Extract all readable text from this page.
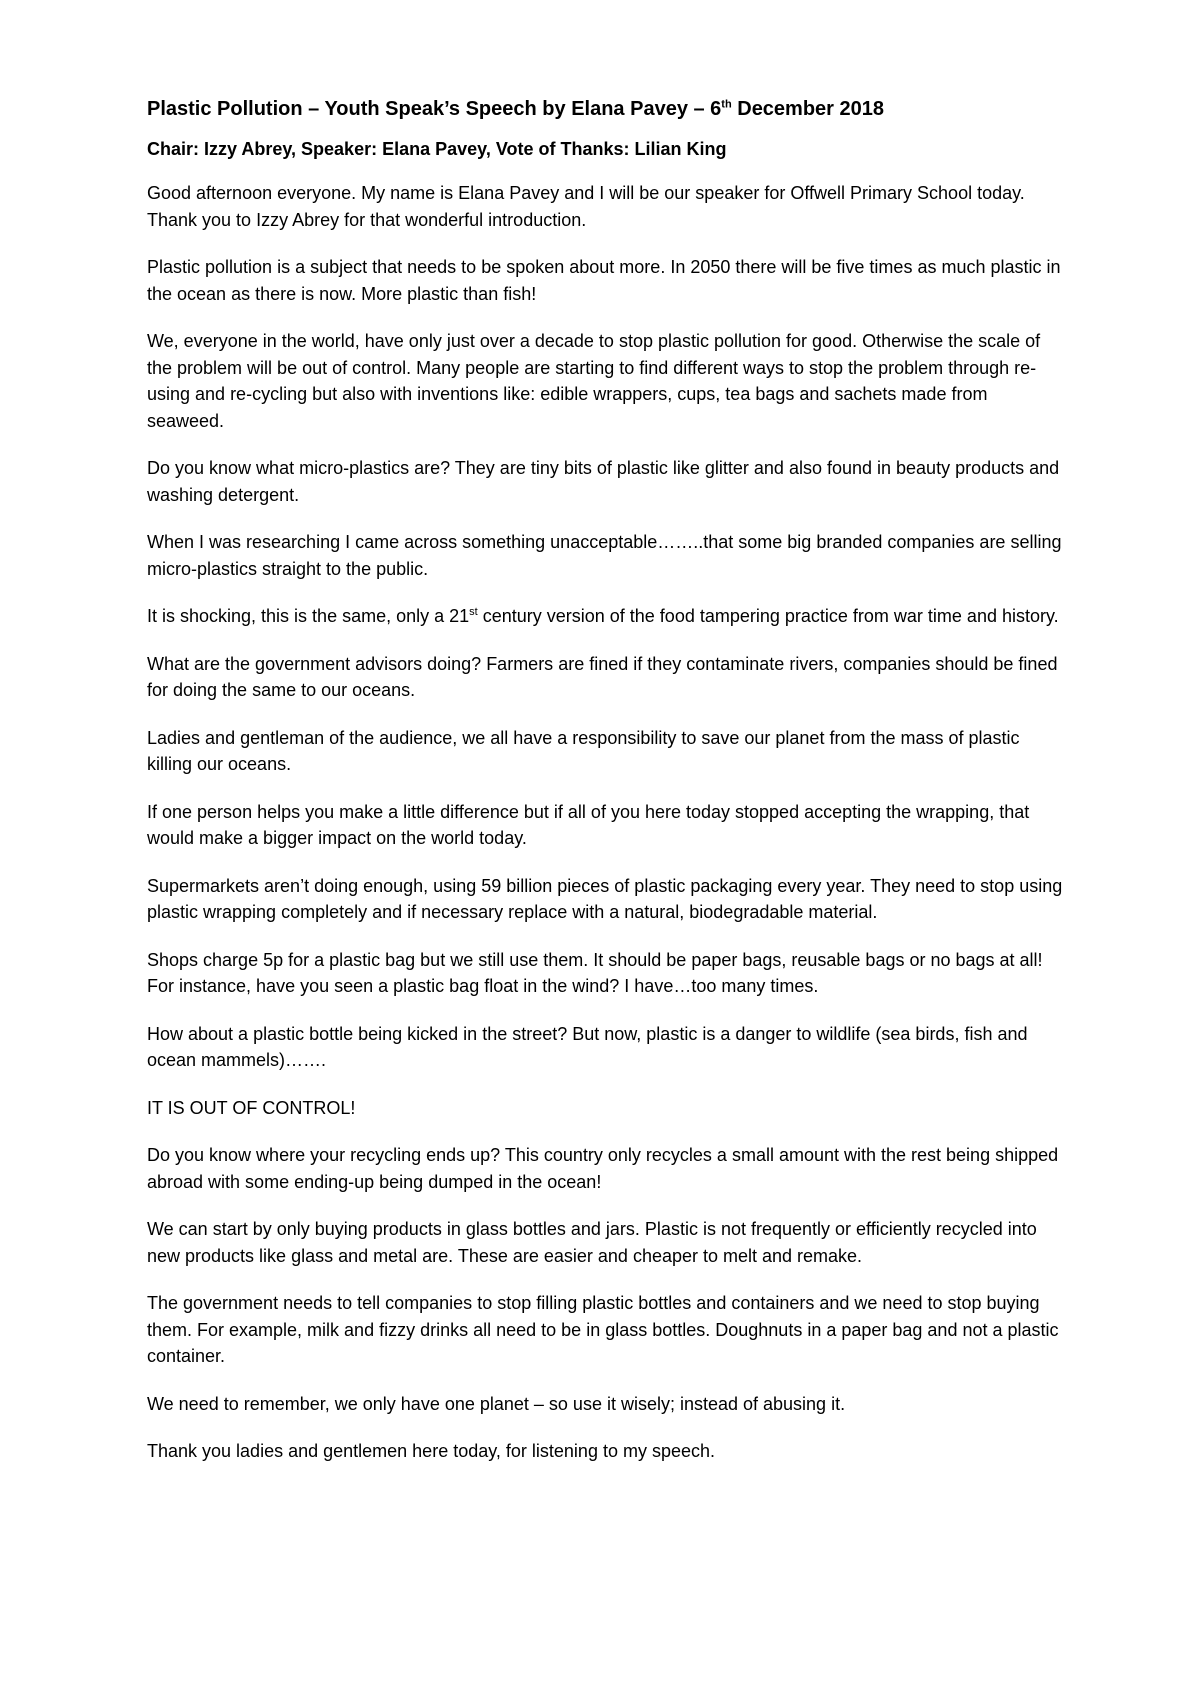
Plastic Pollution – Youth Speak’s Speech by Elana Pavey – 6th December 2018
Chair: Izzy Abrey, Speaker: Elana Pavey, Vote of Thanks: Lilian King

Good afternoon everyone. My name is Elana Pavey and I will be our speaker for Offwell Primary School today. Thank you to Izzy Abrey for that wonderful introduction.

Plastic pollution is a subject that needs to be spoken about more. In 2050 there will be five times as much plastic in the ocean as there is now. More plastic than fish!

We, everyone in the world, have only just over a decade to stop plastic pollution for good. Otherwise the scale of the problem will be out of control. Many people are starting to find different ways to stop the problem through re-using and re-cycling but also with inventions like: edible wrappers, cups, tea bags and sachets made from seaweed.

Do you know what micro-plastics are? They are tiny bits of plastic like glitter and also found in beauty products and washing detergent.

When I was researching I came across something unacceptable……..that some big branded companies are selling micro-plastics straight to the public.

It is shocking, this is the same, only a 21st century version of the food tampering practice from war time and history.

What are the government advisors doing? Farmers are fined if they contaminate rivers, companies should be fined for doing the same to our oceans.

Ladies and gentleman of the audience, we all have a responsibility to save our planet from the mass of plastic killing our oceans.

If one person helps you make a little difference but if all of you here today stopped accepting the wrapping, that would make a bigger impact on the world today.

Supermarkets aren’t doing enough, using 59 billion pieces of plastic packaging every year. They need to stop using plastic wrapping completely and if necessary replace with a natural, biodegradable material.

Shops charge 5p for a plastic bag but we still use them. It should be paper bags, reusable bags or no bags at all! For instance, have you seen a plastic bag float in the wind? I have…too many times.

How about a plastic bottle being kicked in the street? But now, plastic is a danger to wildlife (sea birds, fish and ocean mammels)…….

IT IS OUT OF CONTROL!

Do you know where your recycling ends up? This country only recycles a small amount with the rest being shipped abroad with some ending-up being dumped in the ocean!

We can start by only buying products in glass bottles and jars. Plastic is not frequently or efficiently recycled into new products like glass and metal are. These are easier and cheaper to melt and remake.

The government needs to tell companies to stop filling plastic bottles and containers and we need to stop buying them. For example, milk and fizzy drinks all need to be in glass bottles. Doughnuts in a paper bag and not a plastic container.

We need to remember, we only have one planet – so use it wisely; instead of abusing it.

Thank you ladies and gentlemen here today, for listening to my speech.
